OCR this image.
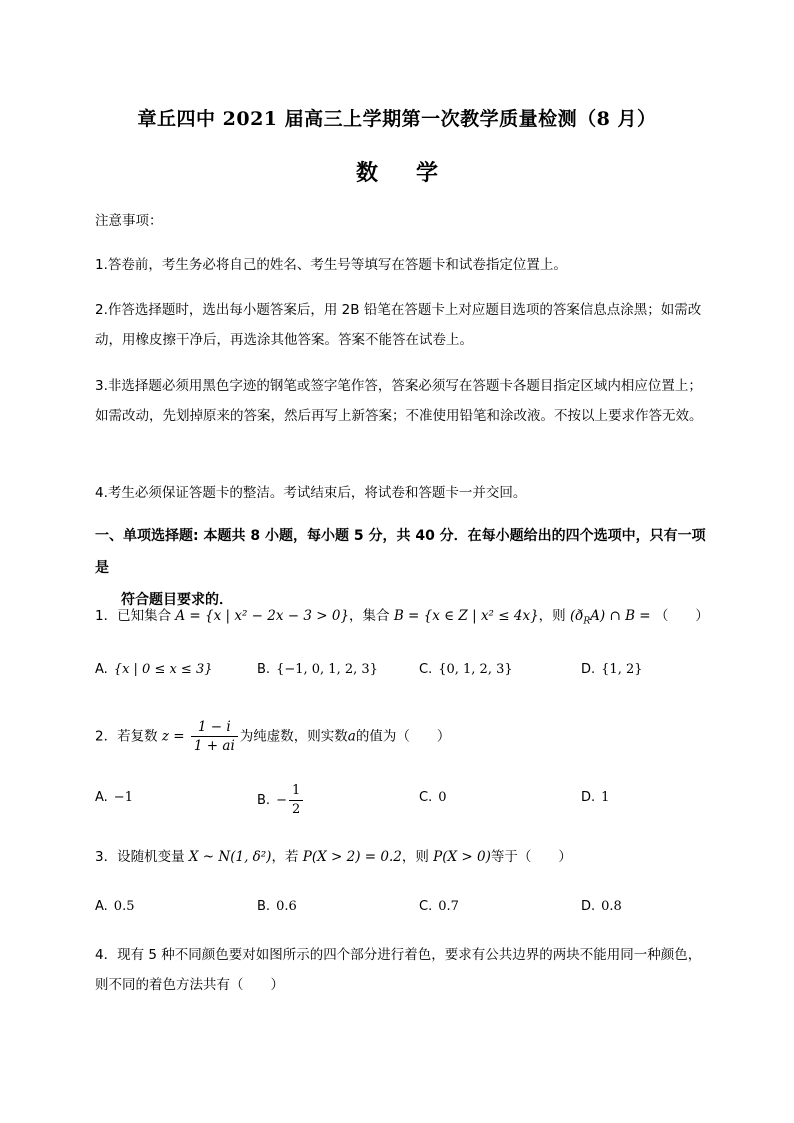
章丘四中 2021 届高三上学期第一次教学质量检测（8 月）
数学
注意事项：
1.答卷前，考生务必将自己的姓名、考生号等填写在答题卡和试卷指定位置上。
2.作答选择题时，选出每小题答案后，用 2B 铅笔在答题卡上对应题目选项的答案信息点涂黑；如需改动，用橡皮擦干净后，再选涂其他答案。答案不能答在试卷上。
3.非选择题必须用黑色字迹的钢笔或签字笔作答，答案必须写在答题卡各题目指定区域内相应位置上；如需改动，先划掉原来的答案，然后再写上新答案；不准使用铅笔和涂改液。不按以上要求作答无效。
4.考生必须保证答题卡的整洁。考试结束后，将试卷和答题卡一并交回。
一、单项选择题: 本题共 8 小题，每小题 5 分，共 40 分．在每小题给出的四个选项中，只有一项是
符合题目要求的．
1．已知集合 A = {x | x² − 2x − 3 > 0}，集合 B = {x ∈ Z | x² ≤ 4x}，则 $(ð_RA)$ ∩ B = （　　）
A. {x | 0 ≤ x ≤ 3}	B. {−1, 0, 1, 2, 3}	C. {0, 1, 2, 3}	D. {1, 2}
2．若复数 $z = \frac{1 - i}{1 + ai}$ 为纯虚数，则实数a的值为（　　）
A. −1	B. − $\frac{1}{2}$	C. 0	D. 1
3．设随机变量 X ~ N(1, δ²)，若 P(X > 2) = 0.2，则 P(X > 0)等于（　　）
A. 0.5	B. 0.6	C. 0.7	D. 0.8
4．现有 5 种不同颜色要对如图所示的四个部分进行着色，要求有公共边界的两块不能用同一种颜色，
则不同的着色方法共有（　　）
